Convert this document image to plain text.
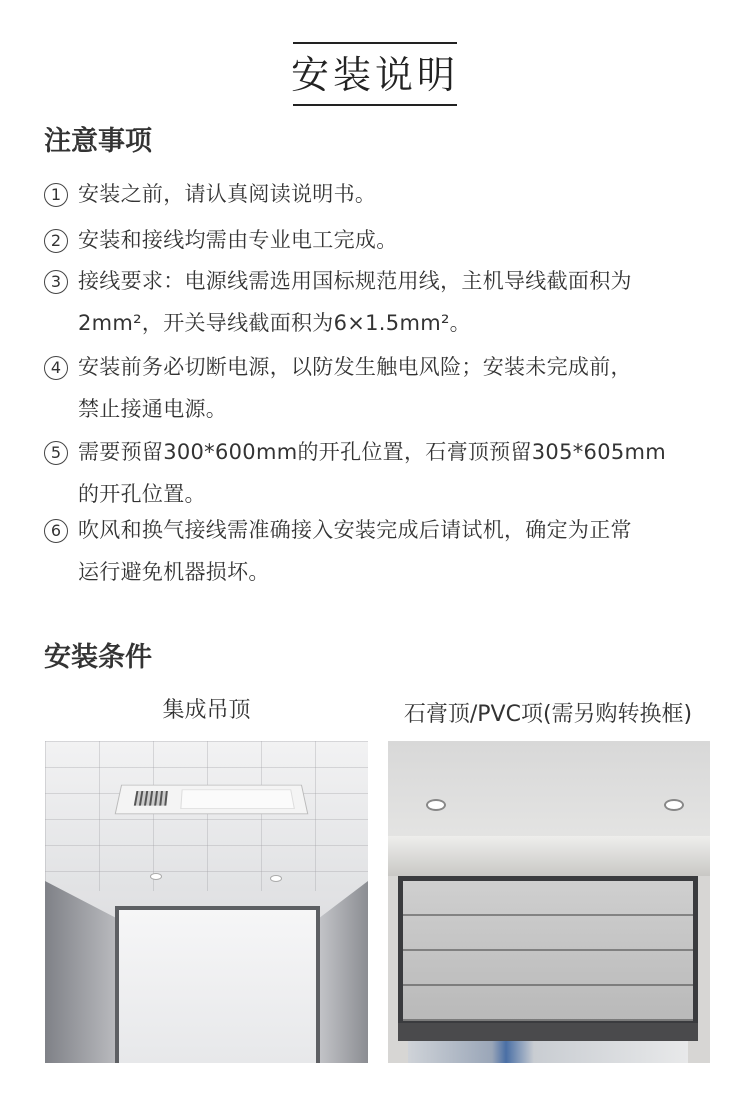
安装说明
注意事项
1 安装之前，请认真阅读说明书。
2 安装和接线均需由专业电工完成。
3 接线要求：电源线需选用国标规范用线，主机导线截面积为
2mm²，开关导线截面积为6×1.5mm²。
4 安装前务必切断电源，以防发生触电风险；安装未完成前，
禁止接通电源。
5 需要预留300*600mm的开孔位置，石膏顶预留305*605mm
的开孔位置。
6 吹风和换气接线需准确接入安装完成后请试机，确定为正常
运行避免机器损坏。
安装条件
集成吊顶	石膏顶/PVC项(需另购转换框)
